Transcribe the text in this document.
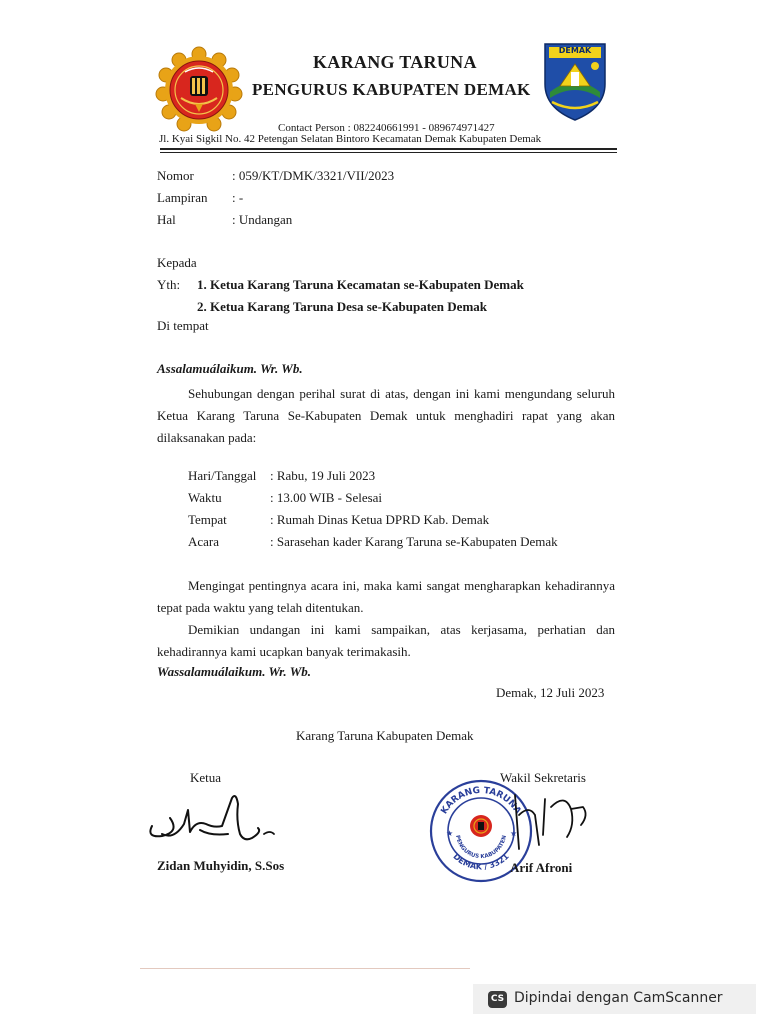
DEMAK
KARANG TARUNA
PENGURUS KABUPATEN DEMAK
Contact Person : 082240661991 - 089674971427
Jl. Kyai Sigkil No. 42 Petengan Selatan Bintoro Kecamatan Demak Kabupaten Demak
Nomor	: 059/KT/DMK/3321/VII/2023
Lampiran : -
Hal	: Undangan
Kepada
Yth: 1. Ketua Karang Taruna Kecamatan se-Kabupaten Demak
2. Ketua Karang Taruna Desa se-Kabupaten Demak
Di tempat
Assalamuálaikum. Wr. Wb.
Sehubungan dengan perihal surat di atas, dengan ini kami mengundang seluruh
Ketua Karang Taruna Se-Kabupaten Demak untuk menghadiri rapat yang akan
dilaksanakan pada:
Hari/Tanggal : Rabu, 19 Juli 2023
Waktu	: 13.00 WIB - Selesai
Tempat	: Rumah Dinas Ketua DPRD Kab. Demak
Acara	: Sarasehan kader Karang Taruna se-Kabupaten Demak
Mengingat pentingnya acara ini, maka kami sangat mengharapkan kehadirannya
tepat pada waktu yang telah ditentukan.
Demikian undangan ini kami sampaikan, atas kerjasama, perhatian dan
kehadirannya kami ucapkan banyak terimakasih.
Wassalamuálaikum. Wr. Wb.
Demak, 12 Juli 2023
Karang Taruna Kabupaten Demak
Ketua
Zidan Muhyidin, S.Sos
Wakil Sekretaris
KARANG TARUNA
PENGURUS KABUPATEN
DEMAK / 3321
★	★
Arif Afroni
CS Dipindai dengan CamScanner
